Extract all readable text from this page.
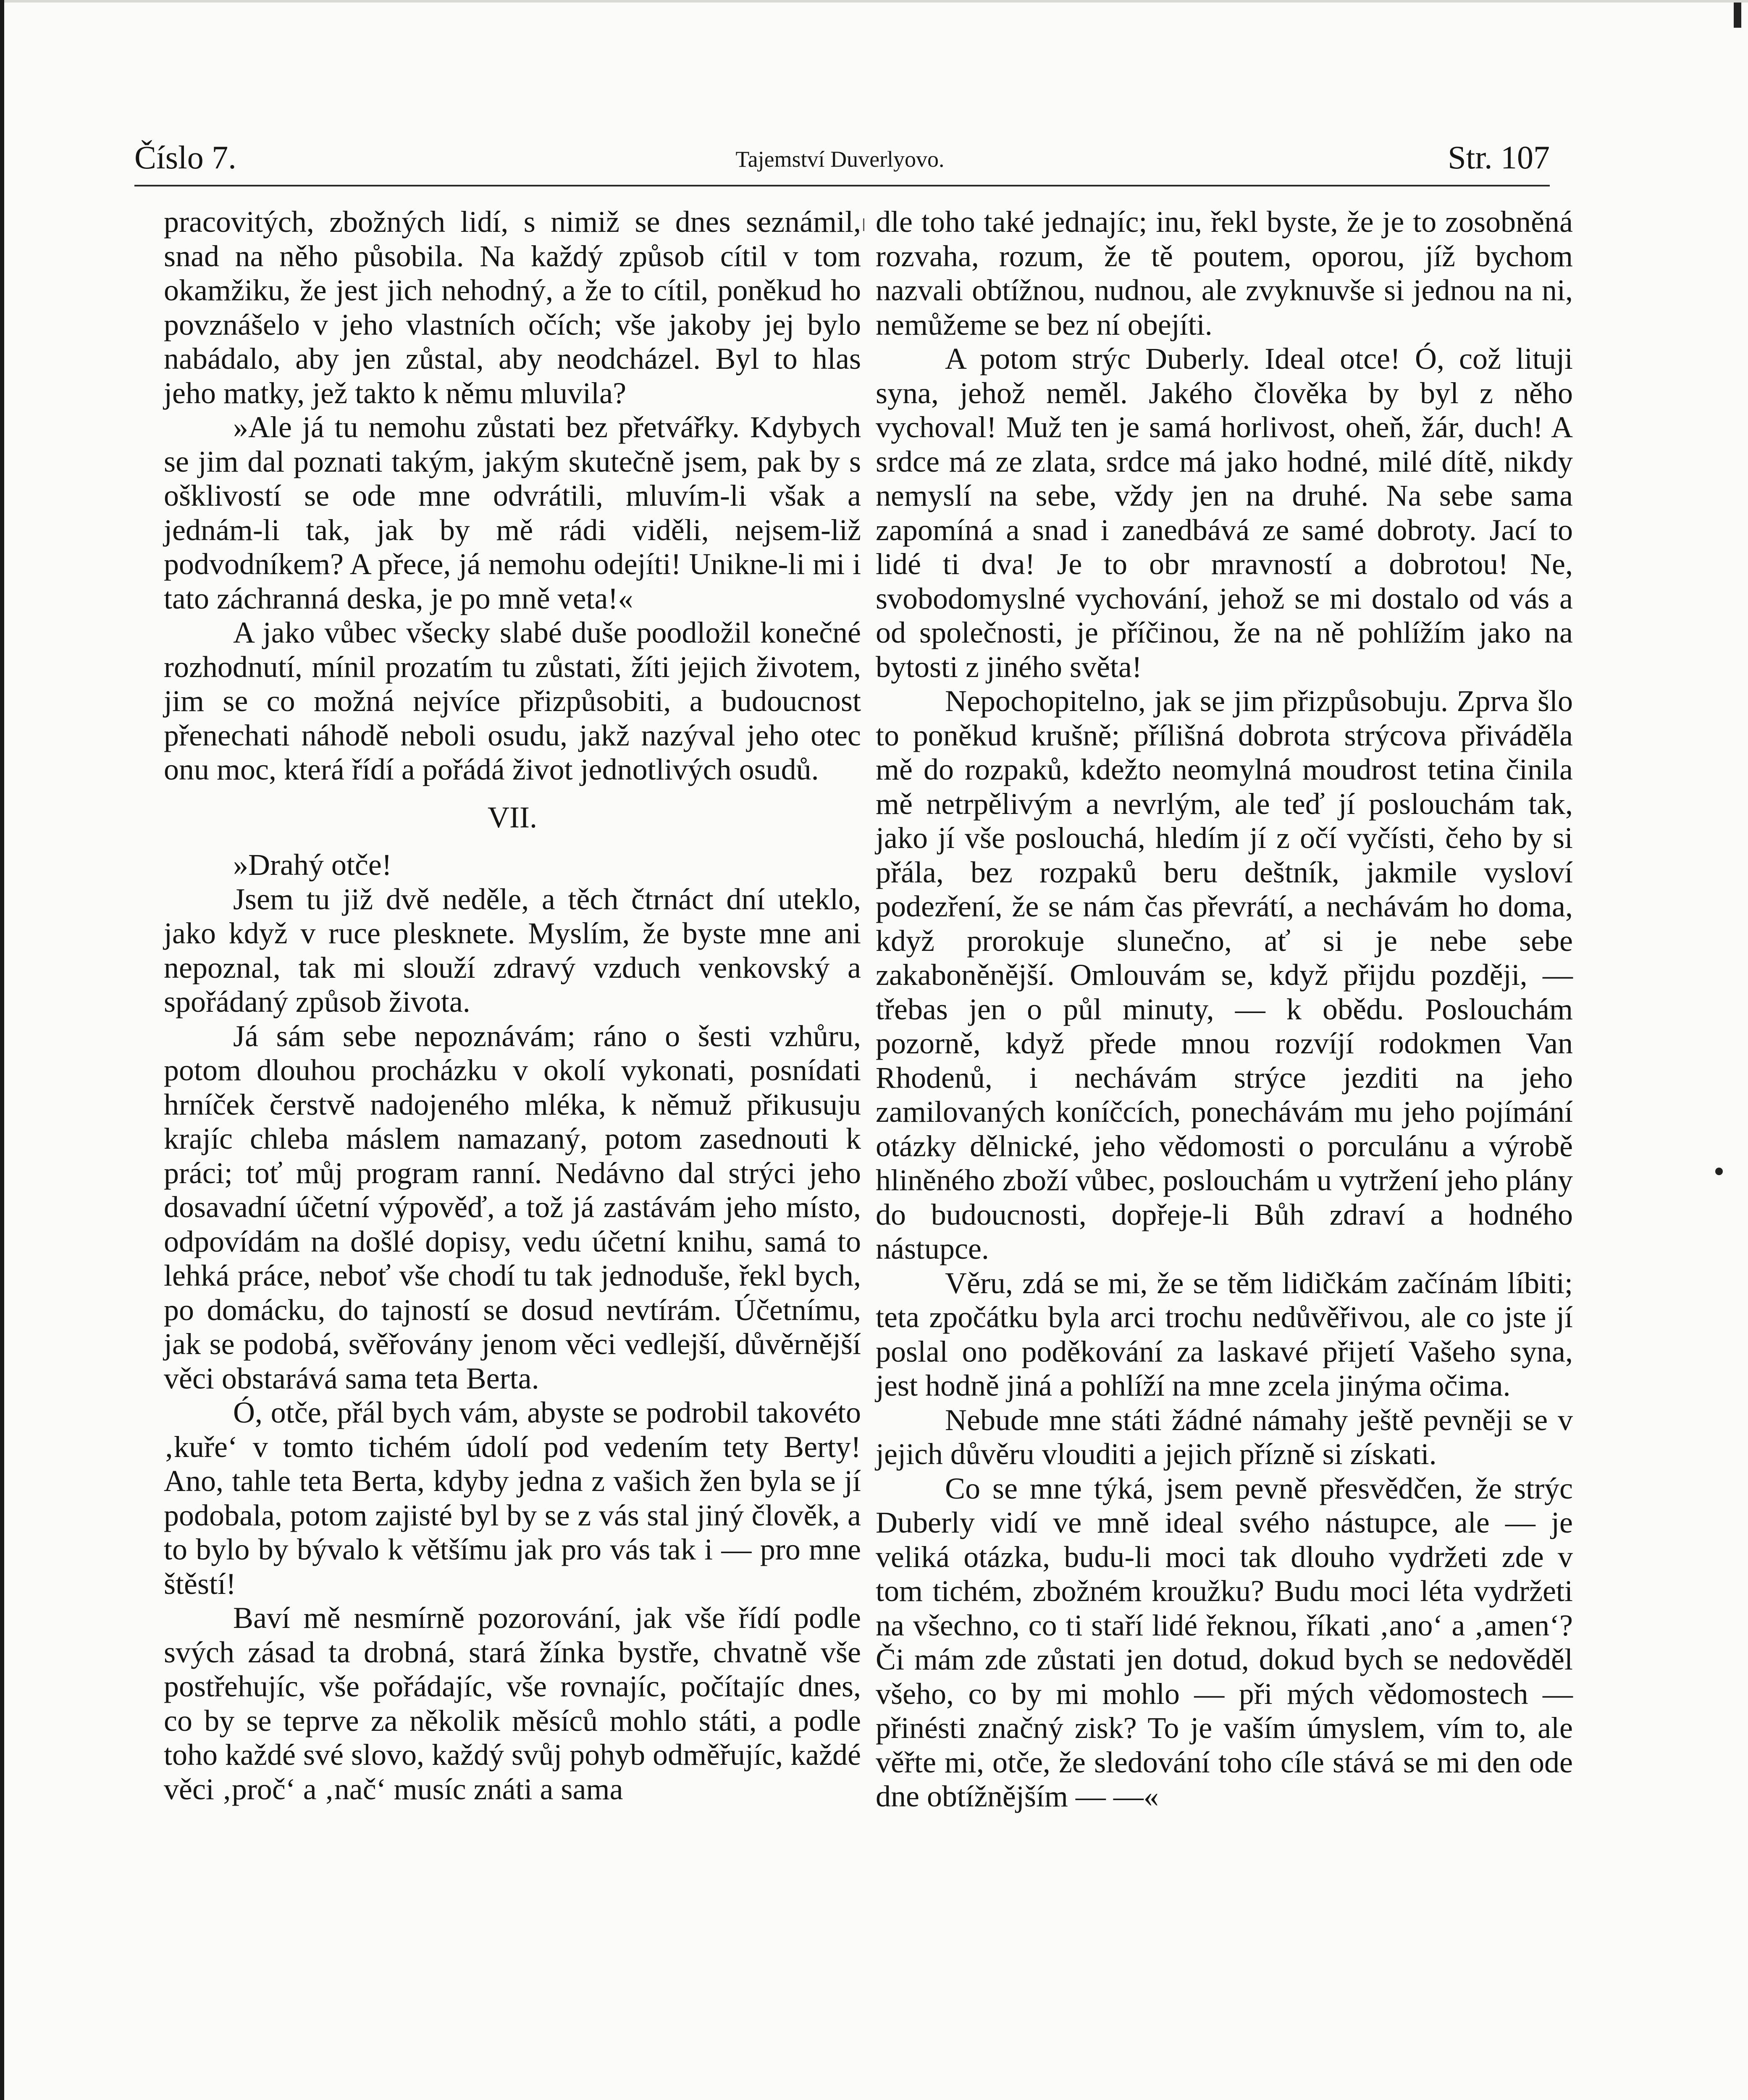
Číslo 7.	Tajemství Duverlyovo.	Str. 107

pracovitých, zbožných lidí, s nimiž se dnes seznámil, snad na něho působila. Na každý způsob cítil v tom okamžiku, že jest jich nehodný, a že to cítil, poněkud ho povznášelo v jeho vlastních očích; vše jakoby jej bylo nabádalo, aby jen zůstal, aby neodcházel. Byl to hlas jeho matky, jež takto k němu mluvila?

»Ale já tu nemohu zůstati bez přetvářky. Kdybych se jim dal poznati takým, jakým skutečně jsem, pak by s ošklivostí se ode mne odvrátili, mluvím-li však a jednám-li tak, jak by mě rádi viděli, nejsem-liž podvodníkem? A přece, já nemohu odejíti! Unikne-li mi i tato záchranná deska, je po mně veta!«

A jako vůbec všecky slabé duše poodložil konečné rozhodnutí, mínil prozatím tu zůstati, žíti jejich životem, jim se co možná nejvíce přizpůsobiti, a budoucnost přenechati náhodě neboli osudu, jakž nazýval jeho otec onu moc, která řídí a pořádá život jednotlivých osudů.

VII.

»Drahý otče!

Jsem tu již dvě neděle, a těch čtrnáct dní uteklo, jako když v ruce plesknete. Myslím, že byste mne ani nepoznal, tak mi slouží zdravý vzduch venkovský a spořádaný způsob života.

Já sám sebe nepoznávám; ráno o šesti vzhůru, potom dlouhou procházku v okolí vykonati, posnídati hrníček čerstvě nadojeného mléka, k němuž přikusuju krajíc chleba máslem namazaný, potom zasednouti k práci; toť můj program ranní. Nedávno dal strýci jeho dosavadní účetní výpověď, a tož já zastávám jeho místo, odpovídám na došlé dopisy, vedu účetní knihu, samá to lehká práce, neboť vše chodí tu tak jednoduše, řekl bych, po domácku, do tajností se dosud nevtírám. Účetnímu, jak se podobá, svěřovány jenom věci vedlejší, důvěrnější věci obstarává sama teta Berta.

Ó, otče, přál bych vám, abyste se podrobil takovéto ‚kuře‘ v tomto tichém údolí pod vedením tety Berty! Ano, tahle teta Berta, kdyby jedna z vašich žen byla se jí podobala, potom zajisté byl by se z vás stal jiný člověk, a to bylo by bývalo k většímu jak pro vás tak i — pro mne štěstí!

Baví mě nesmírně pozorování, jak vše řídí podle svých zásad ta drobná, stará žínka bystře, chvatně vše postřehujíc, vše pořádajíc, vše rovnajíc, počítajíc dnes, co by se teprve za několik měsíců mohlo státi, a podle toho každé své slovo, každý svůj pohyb odměřujíc, každé věci ‚proč‘ a ‚nač‘ musíc znáti a sama

dle toho také jednajíc; inu, řekl byste, že je to zosobněná rozvaha, rozum, že tě poutem, oporou, jíž bychom nazvali obtížnou, nudnou, ale zvyknuvše si jednou na ni, nemůžeme se bez ní obejíti.

A potom strýc Duberly. Ideal otce! Ó, což lituji syna, jehož neměl. Jakého člověka by byl z něho vychoval! Muž ten je samá horlivost, oheň, žár, duch! A srdce má ze zlata, srdce má jako hodné, milé dítě, nikdy nemyslí na sebe, vždy jen na druhé. Na sebe sama zapomíná a snad i zanedbává ze samé dobroty. Jací to lidé ti dva! Je to obr mravností a dobrotou! Ne, svobodomyslné vychování, jehož se mi dostalo od vás a od společnosti, je příčinou, že na ně pohlížím jako na bytosti z jiného světa!

Nepochopitelno, jak se jim přizpůsobuju. Zprva šlo to poněkud krušně; přílišná dobrota strýcova přiváděla mě do rozpaků, kdežto neomylná moudrost tetina činila mě netrpělivým a nevrlým, ale teď jí poslouchám tak, jako jí vše poslouchá, hledím jí z očí vyčísti, čeho by si přála, bez rozpaků beru deštník, jakmile vysloví podezření, že se nám čas převrátí, a nechávám ho doma, když prorokuje slunečno, ať si je nebe sebe zakaboněnější. Omlouvám se, když přijdu později, — třebas jen o půl minuty, — k obědu. Poslouchám pozorně, když přede mnou rozvíjí rodokmen Van Rhodenů, i nechávám strýce jezditi na jeho zamilovaných koníčcích, ponechávám mu jeho pojímání otázky dělnické, jeho vědomosti o porculánu a výrobě hliněného zboží vůbec, poslouchám u vytržení jeho plány do budoucnosti, dopřeje-li Bůh zdraví a hodného nástupce.

Věru, zdá se mi, že se těm lidičkám začínám líbiti; teta zpočátku byla arci trochu nedůvěřivou, ale co jste jí poslal ono poděkování za laskavé přijetí Vašeho syna, jest hodně jiná a pohlíží na mne zcela jinýma očima.

Nebude mne státi žádné námahy ještě pevněji se v jejich důvěru vlouditi a jejich přízně si získati.

Co se mne týká, jsem pevně přesvědčen, že strýc Duberly vidí ve mně ideal svého nástupce, ale — je veliká otázka, budu-li moci tak dlouho vydržeti zde v tom tichém, zbožném kroužku? Budu moci léta vydržeti na všechno, co ti staří lidé řeknou, říkati ‚ano‘ a ‚amen‘? Či mám zde zůstati jen dotud, dokud bych se nedověděl všeho, co by mi mohlo — při mých vědomostech — přinésti značný zisk? To je vaším úmyslem, vím to, ale věřte mi, otče, že sledování toho cíle stává se mi den ode dne obtížnějším — —«
